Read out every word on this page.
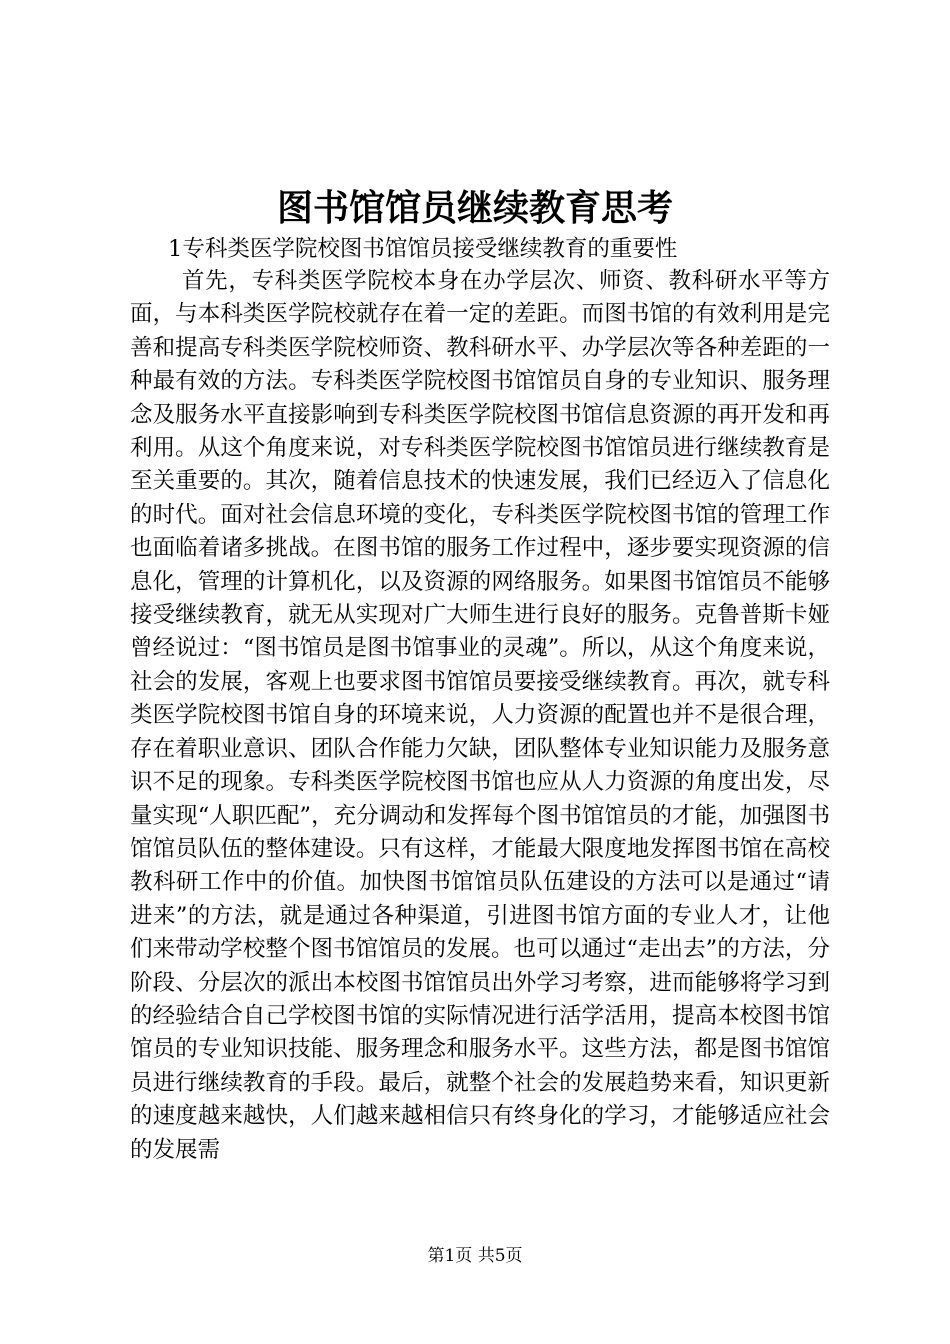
图书馆馆员继续教育思考
1专科类医学院校图书馆馆员接受继续教育的重要性

首先，专科类医学院校本身在办学层次、师资、教科研水平等方面，与本科类医学院校就存在着一定的差距。而图书馆的有效利用是完善和提高专科类医学院校师资、教科研水平、办学层次等各种差距的一种最有效的方法。专科类医学院校图书馆馆员自身的专业知识、服务理念及服务水平直接影响到专科类医学院校图书馆信息资源的再开发和再利用。从这个角度来说，对专科类医学院校图书馆馆员进行继续教育是至关重要的。其次，随着信息技术的快速发展，我们已经迈入了信息化的时代。面对社会信息环境的变化，专科类医学院校图书馆的管理工作也面临着诸多挑战。在图书馆的服务工作过程中，逐步要实现资源的信息化，管理的计算机化，以及资源的网络服务。如果图书馆馆员不能够接受继续教育，就无从实现对广大师生进行良好的服务。克鲁普斯卡娅曾经说过：“图书馆员是图书馆事业的灵魂”。所以，从这个角度来说，社会的发展，客观上也要求图书馆馆员要接受继续教育。再次，就专科类医学院校图书馆自身的环境来说，人力资源的配置也并不是很合理，存在着职业意识、团队合作能力欠缺，团队整体专业知识能力及服务意识不足的现象。专科类医学院校图书馆也应从人力资源的角度出发，尽量实现“人职匹配”，充分调动和发挥每个图书馆馆员的才能，加强图书馆馆员队伍的整体建设。只有这样，才能最大限度地发挥图书馆在高校教科研工作中的价值。加快图书馆馆员队伍建设的方法可以是通过“请进来”的方法，就是通过各种渠道，引进图书馆方面的专业人才，让他们来带动学校整个图书馆馆员的发展。也可以通过“走出去”的方法，分阶段、分层次的派出本校图书馆馆员出外学习考察，进而能够将学习到的经验结合自己学校图书馆的实际情况进行活学活用，提高本校图书馆馆员的专业知识技能、服务理念和服务水平。这些方法，都是图书馆馆员进行继续教育的手段。最后，就整个社会的发展趋势来看，知识更新的速度越来越快，人们越来越相信只有终身化的学习，才能够适应社会的发展需

第1页 共5页
